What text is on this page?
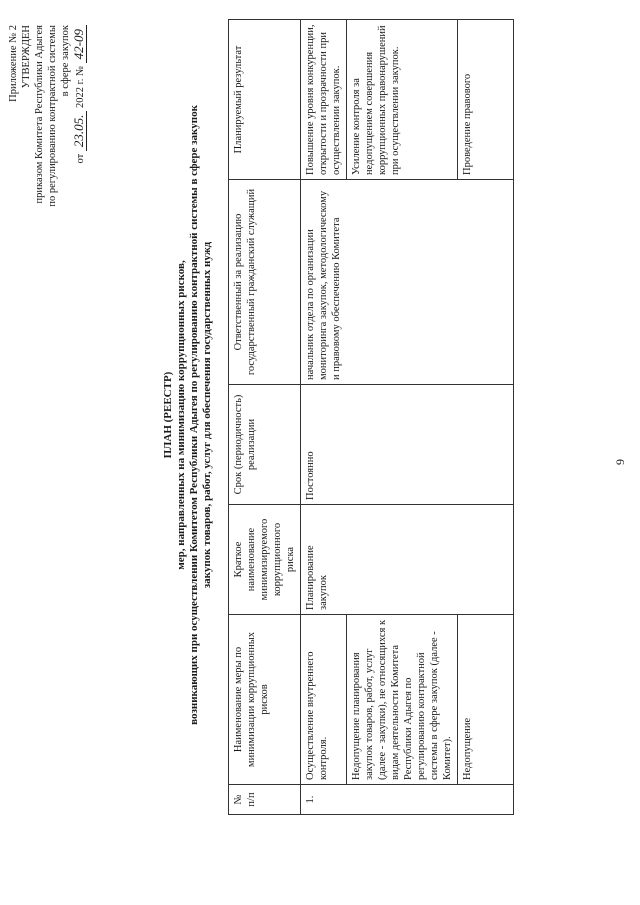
9
Приложение № 2 УТВЕРЖДЕН приказом Комитета Республики Адыгея по регулированию контрактной системы в сфере закупок
от 23.05. 2022 г. № 42-09
ПЛАН (РЕЕСТР) мер, направленных на минимизацию коррупционных рисков, возникающих при осуществлении Комитетом Республики Адыгея по регулированию контрактной системы в сфере закупок закупок товаров, работ, услуг для обеспечения государственных нужд
№ п/п	Наименование меры по минимизации коррупционных рисков	Краткое наименование минимизируемого коррупционного риска	Срок (периодичность) реализации	Ответственный за реализацию государственный гражданский служащий	Планируемый результат
1.	Осуществление внутреннего контроля.	Планирование закупок	Постоянно	начальник отдела по организации мониторинга закупок, методологическому и правовому обеспечению Комитета	Повышение уровня конкуренции, открытости и прозрачности при осуществлении закупок.
	Недопущение планирования закупок товаров, работ, услуг (далее - закупки), не относящихся к видам деятельности Комитета Республики Адыгея по регулированию контрактной системы в сфере закупок (далее - Комитет).				Усиление контроля за недопущением совершения коррупционных правонарушений при осуществлении закупок.
	Недопущение				Проведение правового
